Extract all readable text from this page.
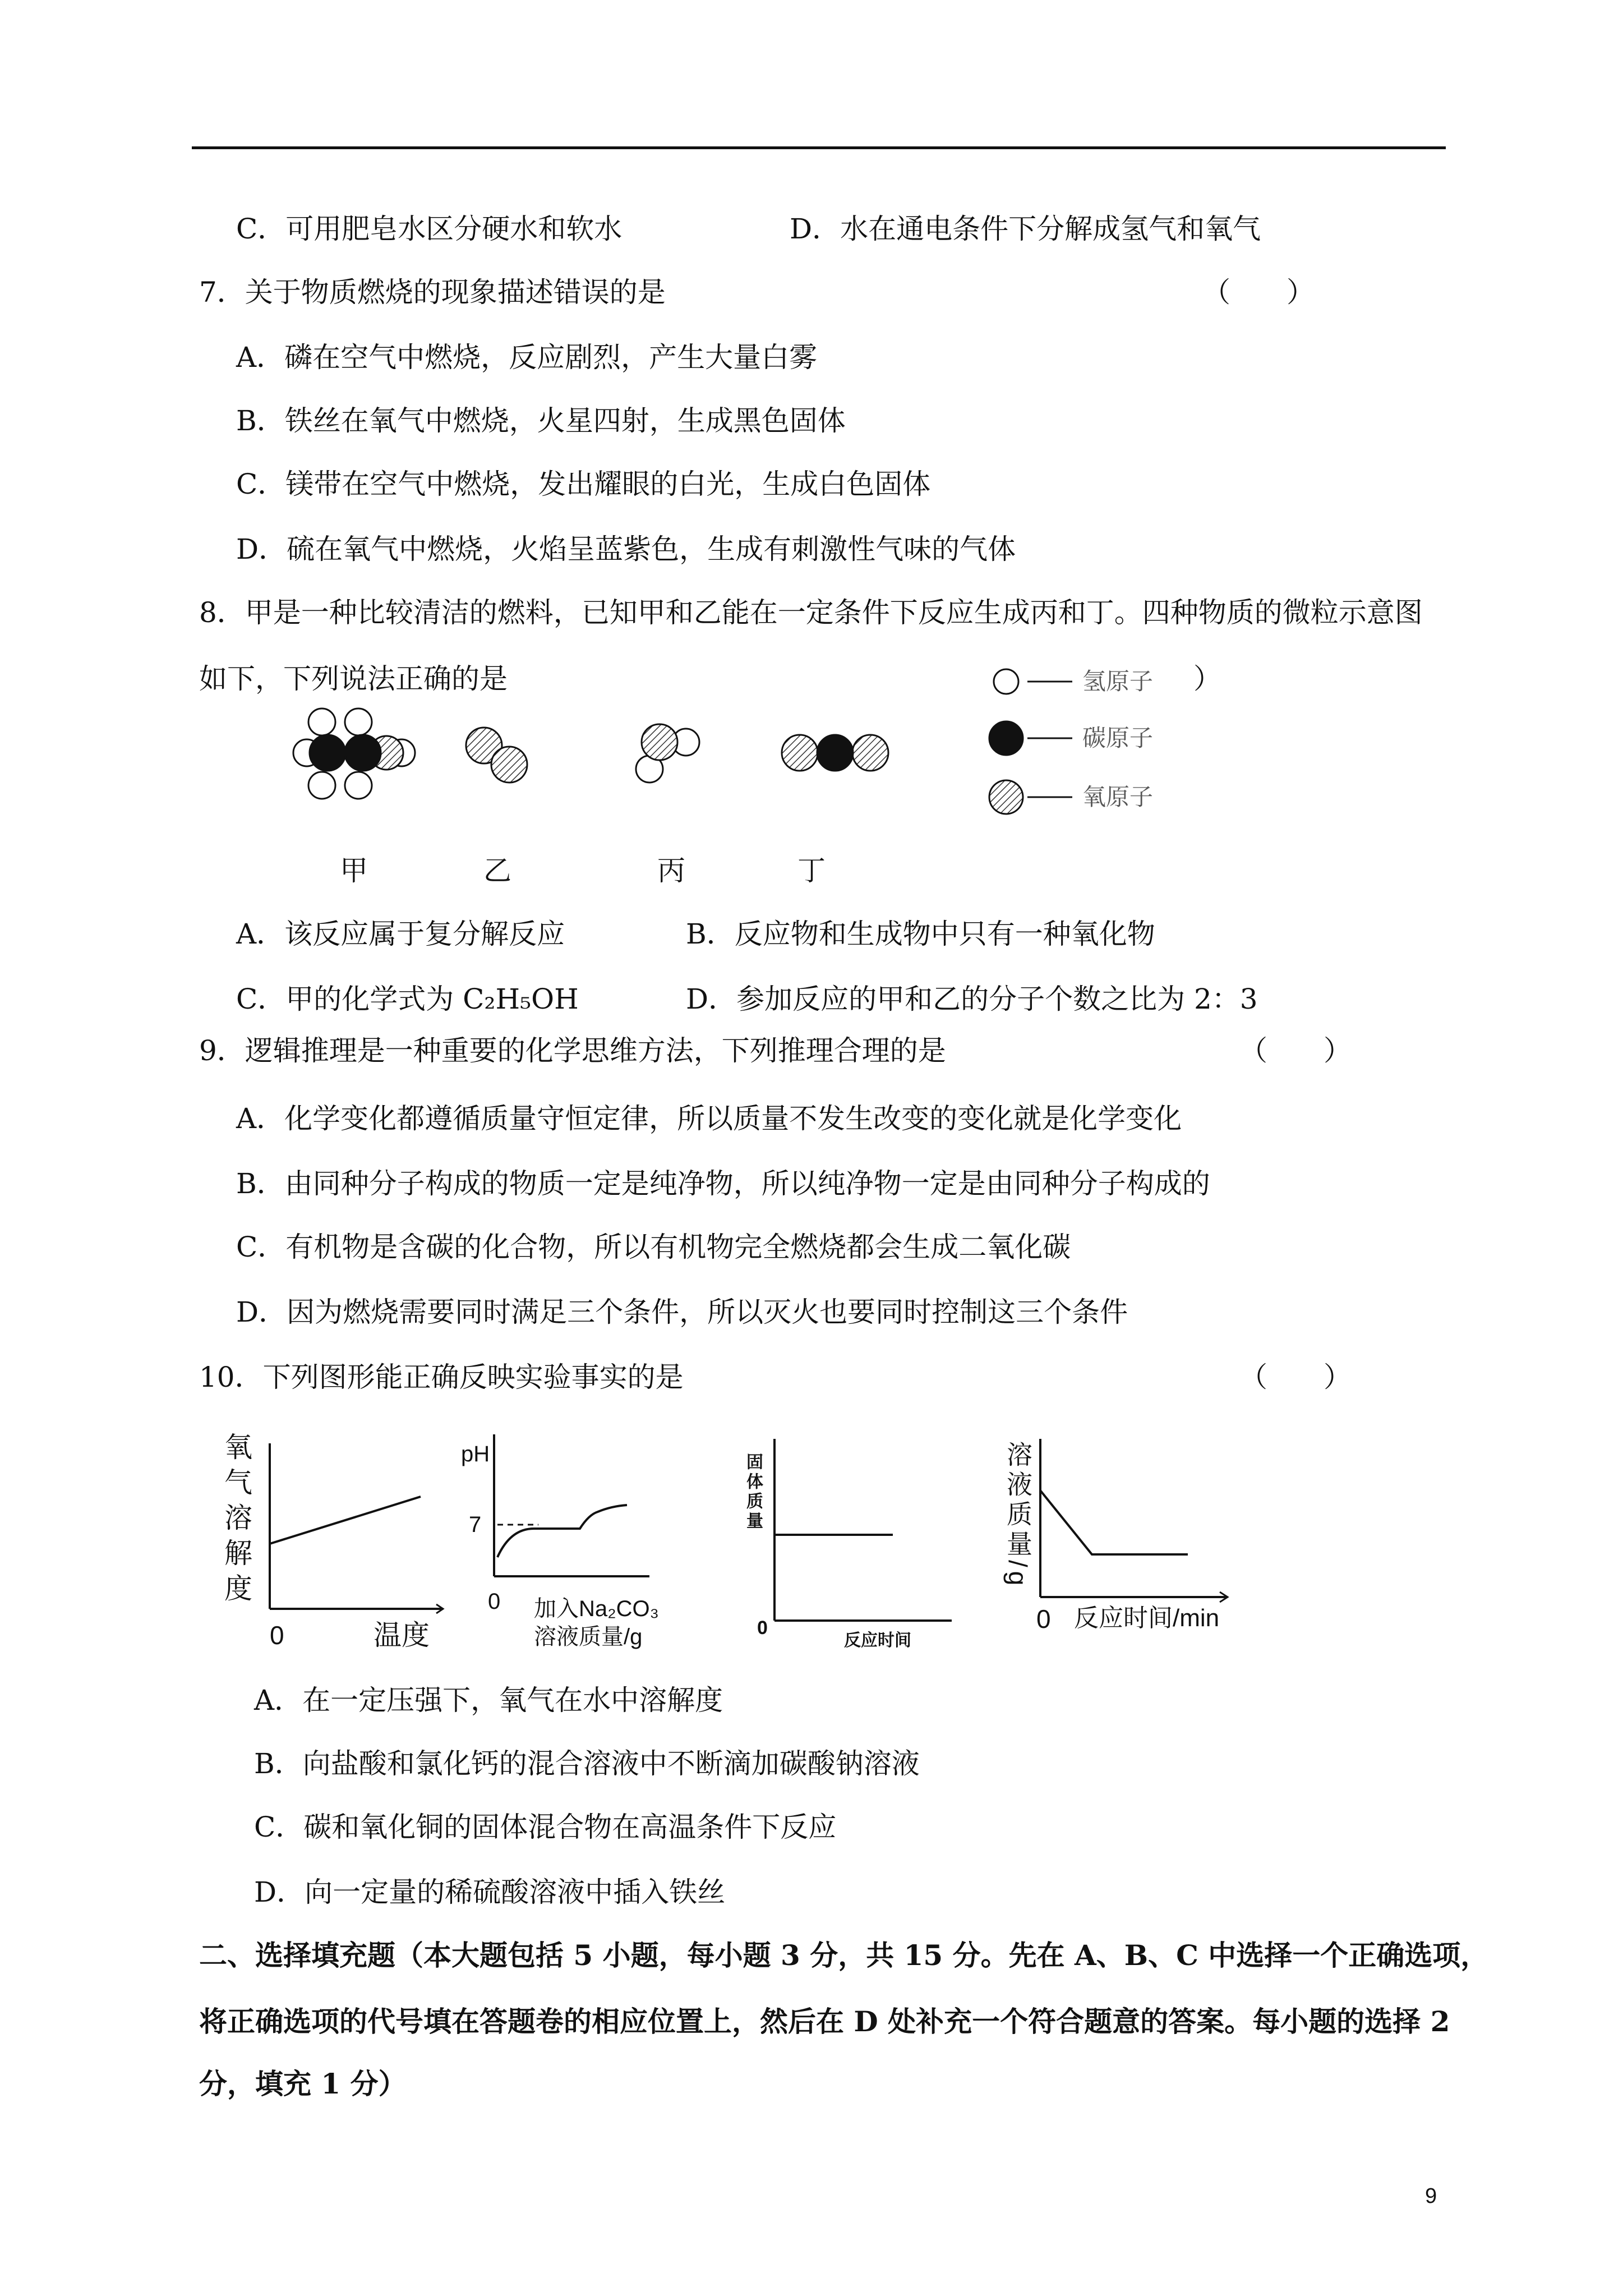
C．可用肥皂水区分硬水和软水	D．水在通电条件下分解成氢气和氧气
7．关于物质燃烧的现象描述错误的是	（　　）
A．磷在空气中燃烧，反应剧烈，产生大量白雾
B．铁丝在氧气中燃烧，火星四射，生成黑色固体
C．镁带在空气中燃烧，发出耀眼的白光，生成白色固体
D．硫在氧气中燃烧，火焰呈蓝紫色，生成有刺激性气味的气体
8．甲是一种比较清洁的燃料，已知甲和乙能在一定条件下反应生成丙和丁。四种物质的微粒示意图
如下，下列说法正确的是	）
氢原子
碳原子
氧原子
甲	乙	丙	丁
A．该反应属于复分解反应	B．反应物和生成物中只有一种氧化物
C．甲的化学式为 C₂H₅OH	D．参加反应的甲和乙的分子个数之比为 2：3
9．逻辑推理是一种重要的化学思维方法，下列推理合理的是	（　　）
A．化学变化都遵循质量守恒定律，所以质量不发生改变的变化就是化学变化
B．由同种分子构成的物质一定是纯净物，所以纯净物一定是由同种分子构成的
C．有机物是含碳的化合物，所以有机物完全燃烧都会生成二氧化碳
D．因为燃烧需要同时满足三个条件，所以灭火也要同时控制这三个条件
10．下列图形能正确反映实验事实的是	（　　）
氧气溶解度
0	温度
pH
7
0 加入Na₂CO₃
溶液质量/g
固体质量
0
反应时间
溶液质量/g
0 反应时间/min
A．在一定压强下，氧气在水中溶解度
B．向盐酸和氯化钙的混合溶液中不断滴加碳酸钠溶液
C．碳和氧化铜的固体混合物在高温条件下反应
D．向一定量的稀硫酸溶液中插入铁丝
二、选择填充题（本大题包括 5 小题，每小题 3 分，共 15 分。先在 A、B、C 中选择一个正确选项，
将正确选项的代号填在答题卷的相应位置上，然后在 D 处补充一个符合题意的答案。每小题的选择 2
分，填充 1 分）
9
